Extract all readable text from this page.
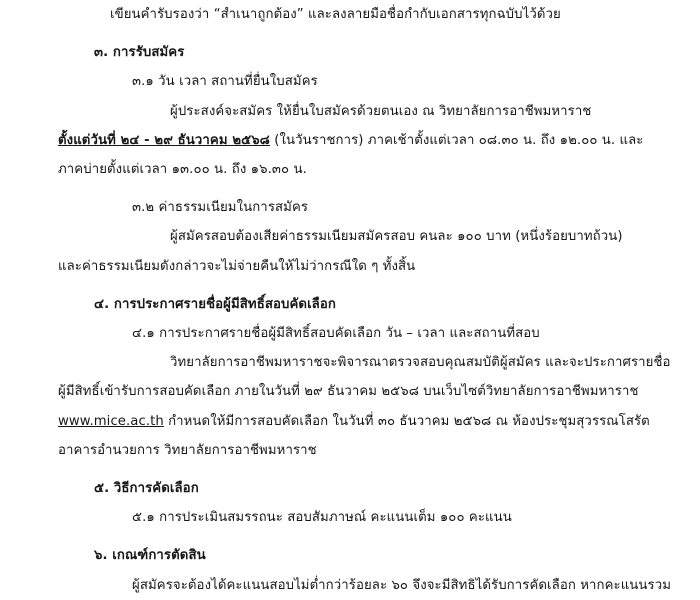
เขียนคำรับรองว่า “สำเนาถูกต้อง” และลงลายมือชื่อกำกับเอกสารทุกฉบับไว้ด้วย
๓. การรับสมัคร
๓.๑ วัน เวลา สถานที่ยื่นใบสมัคร
ผู้ประสงค์จะสมัคร ให้ยื่นใบสมัครด้วยตนเอง ณ วิทยาลัยการอาชีพมหาราช
ตั้งแต่วันที่ ๒๔ - ๒๙ ธันวาคม ๒๕๖๘ (ในวันราชการ) ภาคเช้าตั้งแต่เวลา ๐๘.๓๐ น. ถึง ๑๒.๐๐ น. และ
ภาคบ่ายตั้งแต่เวลา ๑๓.๐๐ น. ถึง ๑๖.๓๐ น.
๓.๒ ค่าธรรมเนียมในการสมัคร
ผู้สมัครสอบต้องเสียค่าธรรมเนียมสมัครสอบ คนละ ๑๐๐ บาท (หนึ่งร้อยบาทถ้วน)
และค่าธรรมเนียมดังกล่าวจะไม่จ่ายคืนให้ไม่ว่ากรณีใด ๆ ทั้งสิ้น
๔. การประกาศรายชื่อผู้มีสิทธิ์สอบคัดเลือก
๔.๑ การประกาศรายชื่อผู้มีสิทธิ์สอบคัดเลือก วัน – เวลา และสถานที่สอบ
วิทยาลัยการอาชีพมหาราชจะพิจารณาตรวจสอบคุณสมบัติผู้สมัคร และจะประกาศรายชื่อ
ผู้มีสิทธิ์เข้ารับการสอบคัดเลือก ภายในวันที่ ๒๙ ธันวาคม ๒๕๖๘ บนเว็บไซต์วิทยาลัยการอาชีพมหาราช
www.mice.ac.th กำหนดให้มีการสอบคัดเลือก ในวันที่ ๓๐ ธันวาคม ๒๕๖๘ ณ ห้องประชุมสุวรรณโสรัต
อาคารอำนวยการ วิทยาลัยการอาชีพมหาราช
๕. วิธีการคัดเลือก
๕.๑ การประเมินสมรรถนะ สอบสัมภาษณ์ คะแนนเต็ม ๑๐๐ คะแนน
๖. เกณฑ์การตัดสิน
ผู้สมัครจะต้องได้คะแนนสอบไม่ต่ำกว่าร้อยละ ๖๐ จึงจะมีสิทธิได้รับการคัดเลือก หากคะแนนรวม
